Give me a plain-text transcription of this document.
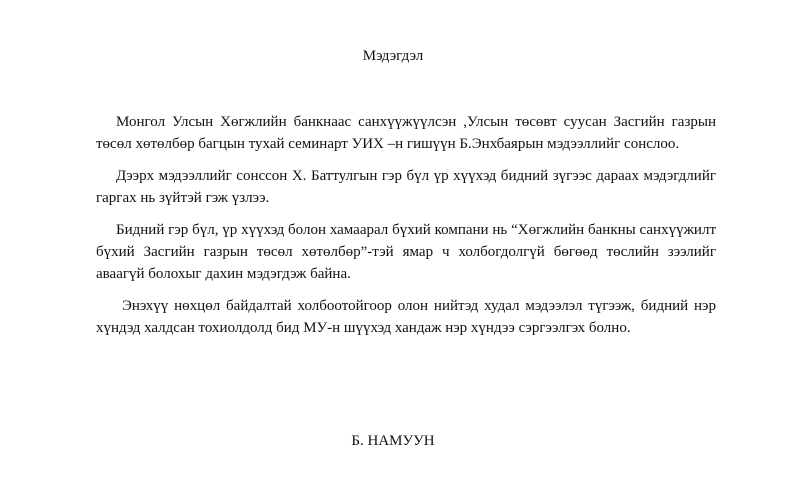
Мэдэгдэл

Монгол Улсын Хөгжлийн банкнаас санхүүжүүлсэн ,Улсын төсөвт суусан Засгийн газрын төсөл хөтөлбөр багцын тухай семинарт УИХ –н гишүүн Б.Энхбаярын мэдээллийг сонслоо.

Дээрх мэдээллийг сонссон Х. Баттулгын гэр бүл үр хүүхэд бидний зүгээс дараах мэдэгдлийг гаргах нь зүйтэй гэж үзлээ.

Бидний гэр бүл, үр хүүхэд болон хамаарал бүхий компани нь “Хөгжлийн банкны санхүүжилт бүхий Засгийн газрын төсөл хөтөлбөр”-тэй ямар ч холбогдолгүй бөгөөд төслийн зээлийг аваагүй болохыг дахин мэдэгдэж байна.

Энэхүү нөхцөл байдалтай холбоотойгоор олон нийтэд худал мэдээлэл түгээж, бидний нэр хүндэд халдсан тохиолдолд бид МУ-н шүүхэд хандаж нэр хүндээ сэргээлгэх болно.

Б. НАМУУН
